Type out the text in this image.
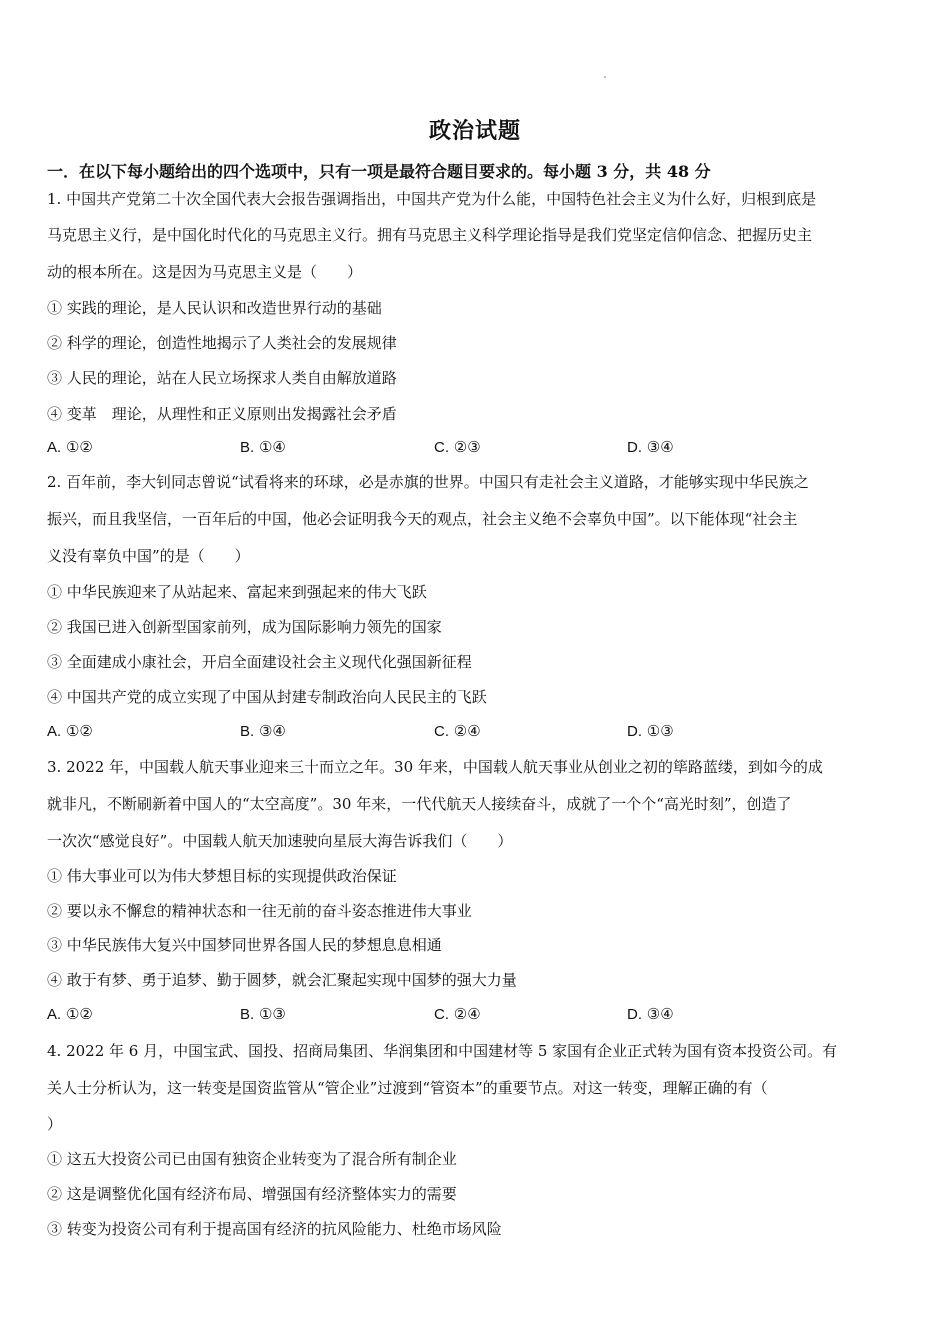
政治试题
一．在以下每小题给出的四个选项中，只有一项是最符合题目要求的。每小题 3 分，共 48 分
1. 中国共产党第二十次全国代表大会报告强调指出，中国共产党为什么能，中国特色社会主义为什么好，归根到底是
马克思主义行，是中国化时代化的马克思主义行。拥有马克思主义科学理论指导是我们党坚定信仰信念、把握历史主
动的根本所在。这是因为马克思主义是（　　）
① 实践的理论，是人民认识和改造世界行动的基础
② 科学的理论，创造性地揭示了人类社会的发展规律
③ 人民的理论，站在人民立场探求人类自由解放道路
④ 变革　理论，从理性和正义原则出发揭露社会矛盾
A. ①②	B. ①④	C. ②③	D. ③④
2. 百年前，李大钊同志曾说“试看将来的环球，必是赤旗的世界。中国只有走社会主义道路，才能够实现中华民族之
振兴，而且我坚信，一百年后的中国，他必会证明我今天的观点，社会主义绝不会辜负中国”。以下能体现“社会主
义没有辜负中国”的是（　　）
① 中华民族迎来了从站起来、富起来到强起来的伟大飞跃
② 我国已进入创新型国家前列，成为国际影响力领先的国家
③ 全面建成小康社会，开启全面建设社会主义现代化强国新征程
④ 中国共产党的成立实现了中国从封建专制政治向人民民主的飞跃
A. ①②	B. ③④	C. ②④	D. ①③
3. 2022 年，中国载人航天事业迎来三十而立之年。30 年来，中国载人航天事业从创业之初的筚路蓝缕，到如今的成
就非凡，不断刷新着中国人的“太空高度”。30 年来，一代代航天人接续奋斗，成就了一个个“高光时刻”，创造了
一次次“感觉良好”。中国载人航天加速驶向星辰大海告诉我们（　　）
① 伟大事业可以为伟大梦想目标的实现提供政治保证
② 要以永不懈怠的精神状态和一往无前的奋斗姿态推进伟大事业
③ 中华民族伟大复兴中国梦同世界各国人民的梦想息息相通
④ 敢于有梦、勇于追梦、勤于圆梦，就会汇聚起实现中国梦的强大力量
A. ①②	B. ①③	C. ②④	D. ③④
4. 2022 年 6 月，中国宝武、国投、招商局集团、华润集团和中国建材等 5 家国有企业正式转为国有资本投资公司。有
关人士分析认为，这一转变是国资监管从“管企业”过渡到“管资本”的重要节点。对这一转变，理解正确的有（
）
① 这五大投资公司已由国有独资企业转变为了混合所有制企业
② 这是调整优化国有经济布局、增强国有经济整体实力的需要
③ 转变为投资公司有利于提高国有经济的抗风险能力、杜绝市场风险
